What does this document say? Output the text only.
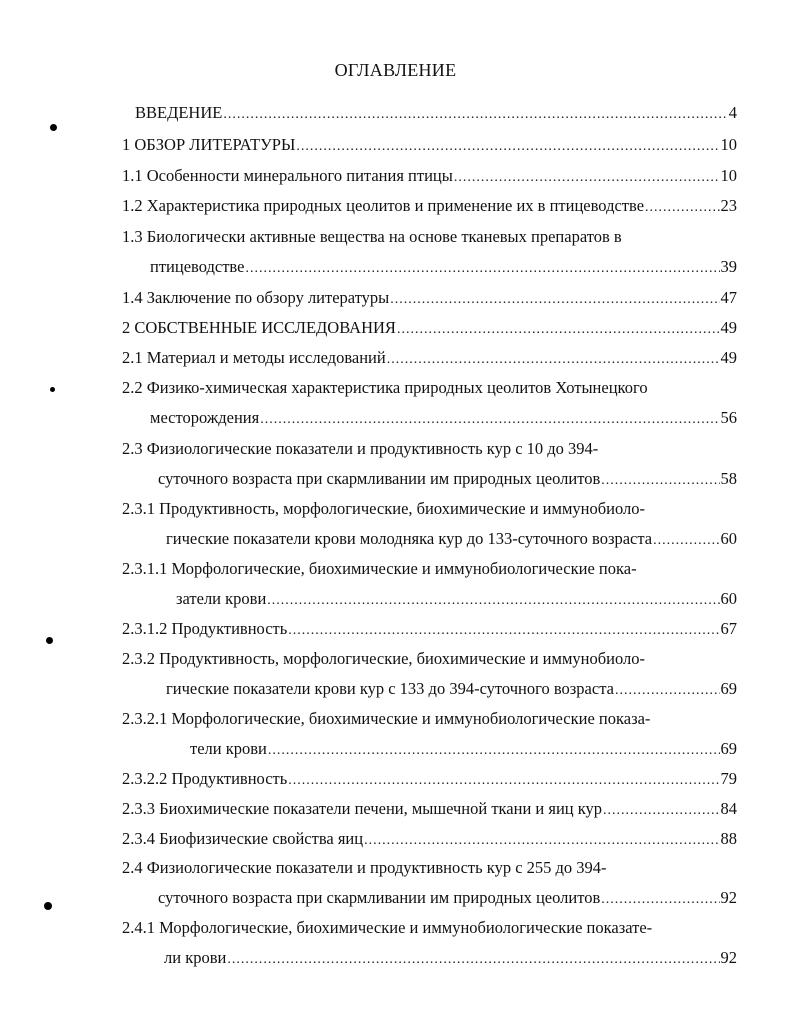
ОГЛАВЛЕНИЕ
ВВЕДЕНИЕ .....	4
1 ОБЗОР ЛИТЕРАТУРЫ .....	10
1.1 Особенности минерального питания птицы .....	10
1.2 Характеристика природных цеолитов и применение их в птицеводстве .....	23
1.3 Биологически активные вещества на основе тканевых препаратов в
птицеводстве .....	39
1.4 Заключение по обзору литературы .....	47
2 СОБСТВЕННЫЕ ИССЛЕДОВАНИЯ .....	49
2.1 Материал и методы исследований .....	49
2.2 Физико-химическая характеристика природных цеолитов Хотынецкого
месторождения .....	56
2.3 Физиологические показатели и продуктивность кур с 10 до 394-
суточного возраста при скармливании им природных цеолитов .....	58
2.3.1 Продуктивность, морфологические, биохимические и иммунобиоло-
гические показатели крови молодняка кур до 133-суточного возраста .....	60
2.3.1.1 Морфологические, биохимические и иммунобиологические пока-
затели крови .....	60
2.3.1.2 Продуктивность .....	67
2.3.2 Продуктивность, морфологические, биохимические и иммунобиоло-
гические показатели крови кур с 133 до 394-суточного возраста .....	69
2.3.2.1 Морфологические, биохимические и иммунобиологические показа-
тели крови .....	69
2.3.2.2 Продуктивность .....	79
2.3.3 Биохимические показатели печени, мышечной ткани и яиц кур .....	84
2.3.4 Биофизические свойства яиц .....	88
2.4 Физиологические показатели и продуктивность кур с 255 до 394-
суточного возраста при скармливании им природных цеолитов .....	92
2.4.1 Морфологические, биохимические и иммунобиологические показате-
ли крови .....	92
